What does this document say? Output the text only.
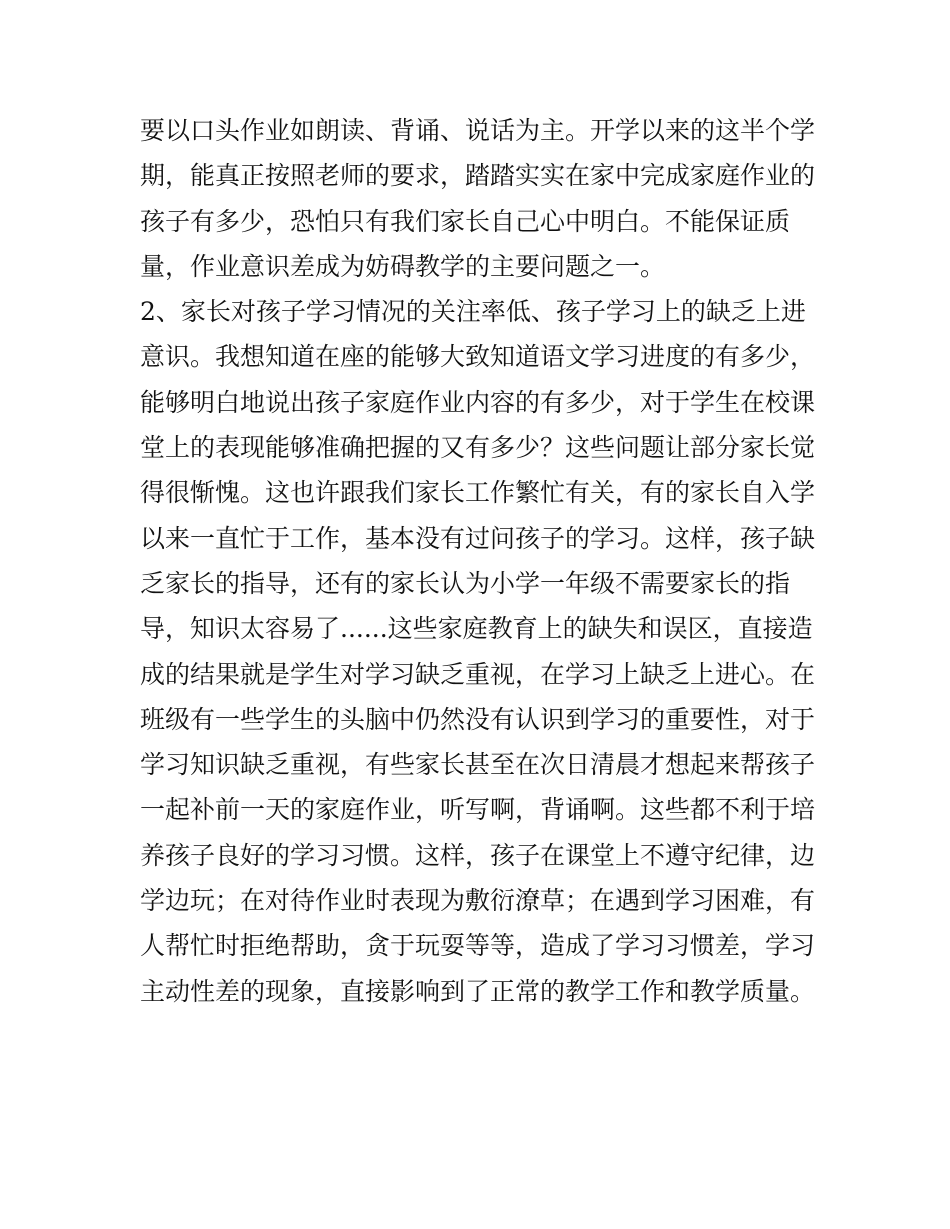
要以口头作业如朗读、背诵、说话为主。开学以来的这半个学
期，能真正按照老师的要求，踏踏实实在家中完成家庭作业的
孩子有多少，恐怕只有我们家长自己心中明白。不能保证质
量，作业意识差成为妨碍教学的主要问题之一。
2、家长对孩子学习情况的关注率低、孩子学习上的缺乏上进
意识。我想知道在座的能够大致知道语文学习进度的有多少，
能够明白地说出孩子家庭作业内容的有多少，对于学生在校课
堂上的表现能够准确把握的又有多少？这些问题让部分家长觉
得很惭愧。这也许跟我们家长工作繁忙有关，有的家长自入学
以来一直忙于工作，基本没有过问孩子的学习。这样，孩子缺
乏家长的指导，还有的家长认为小学一年级不需要家长的指
导，知识太容易了......这些家庭教育上的缺失和误区，直接造
成的结果就是学生对学习缺乏重视，在学习上缺乏上进心。在
班级有一些学生的头脑中仍然没有认识到学习的重要性，对于
学习知识缺乏重视，有些家长甚至在次日清晨才想起来帮孩子
一起补前一天的家庭作业，听写啊，背诵啊。这些都不利于培
养孩子良好的学习习惯。这样，孩子在课堂上不遵守纪律，边
学边玩；在对待作业时表现为敷衍潦草；在遇到学习困难，有
人帮忙时拒绝帮助，贪于玩耍等等，造成了学习习惯差，学习
主动性差的现象，直接影响到了正常的教学工作和教学质量。
